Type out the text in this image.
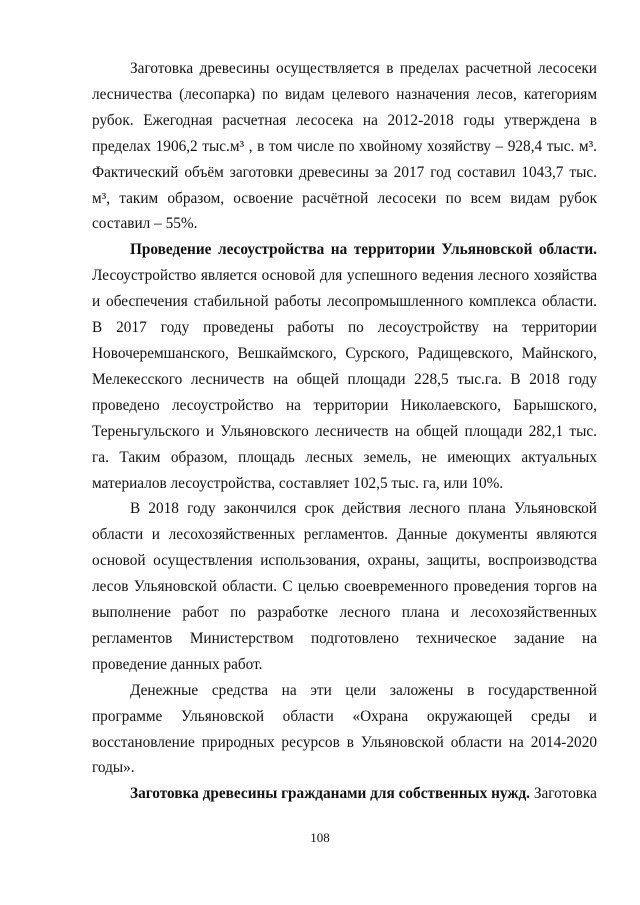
Заготовка древесины осуществляется в пределах расчетной лесосеки лесничества (лесопарка) по видам целевого назначения лесов, категориям рубок. Ежегодная расчетная лесосека на 2012-2018 годы утверждена в пределах 1906,2 тыс.м³ , в том числе по хвойному хозяйству – 928,4 тыс. м³. Фактический объём заготовки древесины за 2017 год составил 1043,7 тыс. м³, таким образом, освоение расчётной лесосеки по всем видам рубок составил – 55%.

Проведение лесоустройства на территории Ульяновской области. Лесоустройство является основой для успешного ведения лесного хозяйства и обеспечения стабильной работы лесопромышленного комплекса области. В 2017 году проведены работы по лесоустройству на территории Новочеремшанского, Вешкаймского, Сурского, Радищевского, Майнского, Мелекесского лесничеств на общей площади 228,5 тыс.га. В 2018 году проведено лесоустройство на территории Николаевского, Барышского, Тереньгульского и Ульяновского лесничеств на общей площади 282,1 тыс. га. Таким образом, площадь лесных земель, не имеющих актуальных материалов лесоустройства, составляет 102,5 тыс. га, или 10%.

В 2018 году закончился срок действия лесного плана Ульяновской области и лесохозяйственных регламентов. Данные документы являются основой осуществления использования, охраны, защиты, воспроизводства лесов Ульяновской области. С целью своевременного проведения торгов на выполнение работ по разработке лесного плана и лесохозяйственных регламентов Министерством подготовлено техническое задание на проведение данных работ.

Денежные средства на эти цели заложены в государственной программе Ульяновской области «Охрана окружающей среды и восстановление природных ресурсов в Ульяновской области на 2014-2020 годы».

Заготовка древесины гражданами для собственных нужд. Заготовка

108
